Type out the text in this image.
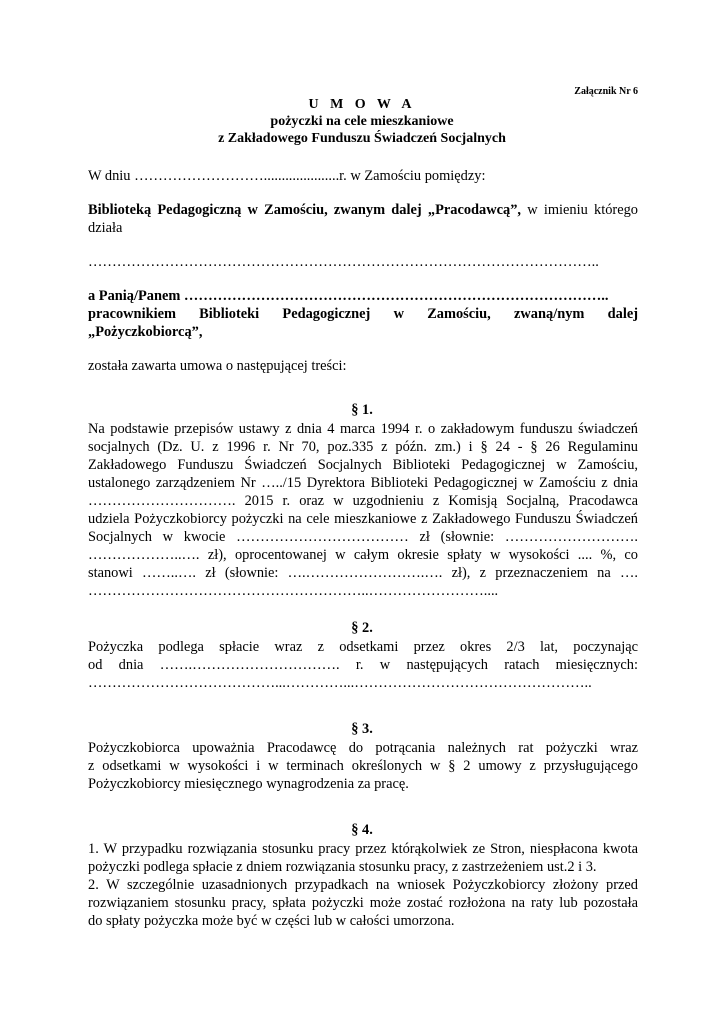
Załącznik Nr 6
U M O W A
pożyczki na cele mieszkaniowe
z Zakładowego Funduszu Świadczeń Socjalnych
W dniu ……………………….....................r. w Zamościu pomiędzy:
Biblioteką Pedagogiczną w Zamościu, zwanym dalej „Pracodawcą”, w imieniu którego
działa
……………………………………………………………………………………………..
a Panią/Panem ……………………………………………………………………………..
pracownikiem Biblioteki Pedagogicznej w Zamościu, zwaną/nym dalej
„Pożyczkobiorcą”,
została zawarta umowa o następującej treści:
§ 1.
Na podstawie przepisów ustawy z dnia 4 marca 1994 r. o zakładowym funduszu świadczeń
socjalnych (Dz. U. z 1996 r. Nr 70, poz.335 z późn. zm.) i § 24 - § 26 Regulaminu
Zakładowego Funduszu Świadczeń Socjalnych Biblioteki Pedagogicznej w Zamościu,
ustalonego zarządzeniem Nr …../15 Dyrektora Biblioteki Pedagogicznej w Zamościu z dnia
…………………………. 2015 r. oraz w uzgodnieniu z Komisją Socjalną, Pracodawca
udziela Pożyczkobiorcy pożyczki na cele mieszkaniowe z Zakładowego Funduszu Świadczeń
Socjalnych w kwocie ……………………………… zł (słownie: ……………………….
………………..…. zł), oprocentowanej w całym okresie spłaty w wysokości .... %, co
stanowi ……..…. zł (słownie: ….…………………….…. zł), z przeznaczeniem na ….
…………………………………………………..……………………....
§ 2.
Pożyczka podlega spłacie wraz z odsetkami przez okres 2/3 lat, poczynając
od dnia …….…………………………. r. w następujących ratach miesięcznych:
…………………………………...…………...…………………………………………..
§ 3.
Pożyczkobiorca upoważnia Pracodawcę do potrącania należnych rat pożyczki wraz
z odsetkami w wysokości i w terminach określonych w § 2 umowy z przysługującego
Pożyczkobiorcy miesięcznego wynagrodzenia za pracę.
§ 4.
1. W przypadku rozwiązania stosunku pracy przez którąkolwiek ze Stron, niespłacona kwota
pożyczki podlega spłacie z dniem rozwiązania stosunku pracy, z zastrzeżeniem ust.2 i 3.
2. W szczególnie uzasadnionych przypadkach na wniosek Pożyczkobiorcy złożony przed
rozwiązaniem stosunku pracy, spłata pożyczki może zostać rozłożona na raty lub pozostała
do spłaty pożyczka może być w części lub w całości umorzona.
